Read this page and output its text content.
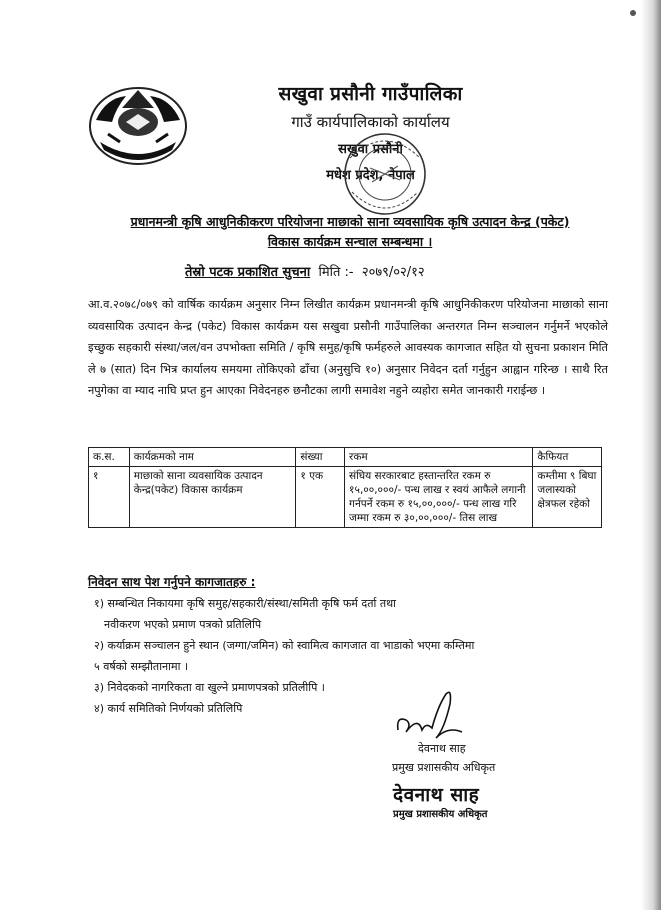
सखुवा प्रसौनी गाउँपालिका
गाउँ कार्यपालिकाको कार्यालय
सखुवा प्रसौनी
मधेश प्रदेश, नेपाल
प्रधानमन्त्री कृषि आधुनिकीकरण परियोजना माछाको साना व्यवसायिक कृषि उत्पादन केन्द्र (पकेट)
विकास कार्यक्रम सन्चाल सम्बन्धमा ।
तेस्रो पटक प्रकाशित सुचना मिति :- २०७९/०२/१२
आ.व.२०७८/०७९ को वार्षिक कार्यक्रम अनुसार निम्न लिखीत कार्यक्रम प्रधानमन्त्री कृषि आधुनिकीकरण परियोजना माछाको साना व्यवसायिक उत्पादन केन्द्र (पकेट) विकास कार्यक्रम यस सखुवा प्रसौनी गाउँपालिका अन्तरगत निम्न सञ्चालन गर्नुमर्ने भएकोले इच्छुक सहकारी संस्था/जल/वन उपभोक्ता समिति / कृषि समुह/कृषि फर्महरुले आवस्यक कागजात सहित यो सुचना प्रकाशन मिति ले ७ (सात) दिन भित्र कार्यालय समयमा तोकिएको ढाँचा (अनुसुचि १०) अनुसार निवेदन दर्ता गर्नुहुन आह्वान गरिन्छ । साथै रित नपुगेका वा म्याद नाघि प्रप्त हुन आएका निवेदनहरु छनौटका लागी समावेश नहुने व्यहोरा समेत जानकारी गराईन्छ ।
क.स.	कार्यक्रमको नाम	संख्या	रकम	कैफियत
१	माछाको साना व्यवसायिक उत्पादन केन्द्र(पकेट) विकास कार्यक्रम	१ एक	संघिय सरकारबाट हस्तान्तरित रकम रु १५,००,०००/- पन्ध लाख र स्वयं आफैले लगानी गर्नपर्ने रकम रु १५,००,०००/- पन्ध लाख गरि जम्मा रकम रु ३०,००,०००/- तिस लाख	कम्तीमा ९ बिघा जलास्यको क्षेत्रफल रहेको
निवेदन साथ पेश गर्नुपने कागजातहरु :
१) सम्बन्धित निकायमा कृषि समुह/सहकारी/संस्था/समिती कृषि फर्म दर्ता तथा
नवीकरण भएको प्रमाण पत्रको प्रतिलिपि
२) कर्याक्रम सञ्चालन हुने स्थान (जग्गा/जमिन) को स्वामित्व कागजात वा भाडाको भएमा कम्तिमा
५ वर्षको सम्झौतानामा ।
३) निवेदकको नागरिकता वा खुल्ने प्रमाणपत्रको प्रतिलीपि ।
४) कार्य समितिको निर्णयको प्रतिलिपि
देवनाथ साह
प्रमुख प्रशासकीय अधिकृत
देवनाथ साह
प्रमुख प्रशासकीय अधिकृत
